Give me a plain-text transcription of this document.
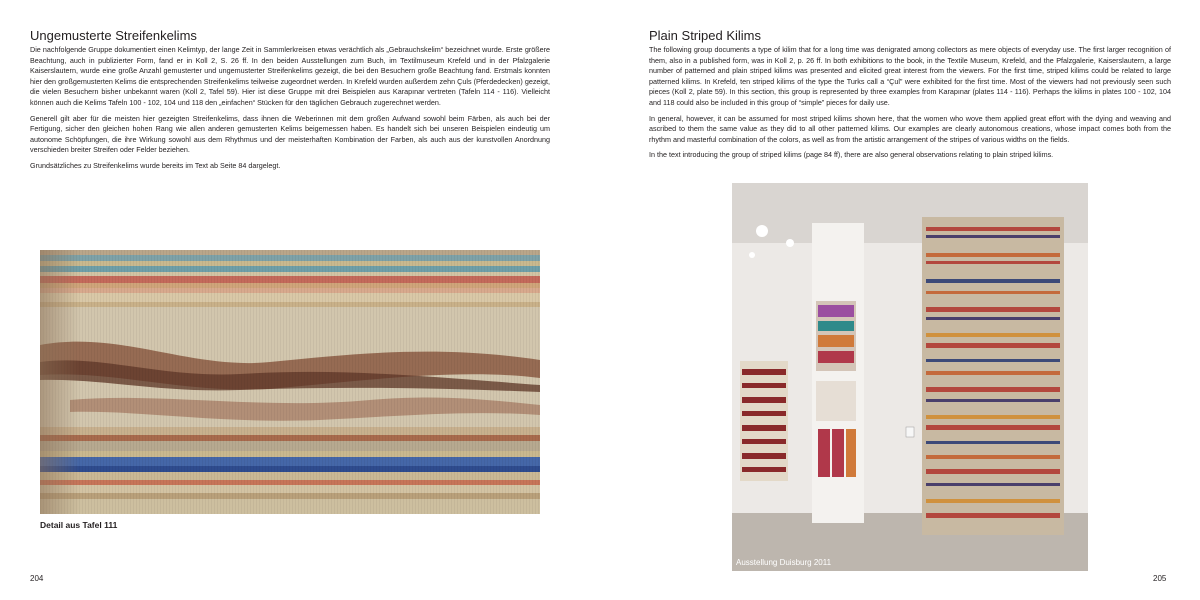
Ungemusterte Streifenkelims

Die nachfolgende Gruppe dokumentiert einen Kelimtyp, der lange Zeit in Sammlerkreisen etwas verächtlich als „Gebrauchskelim“ bezeichnet wurde. Erste größere Beachtung, auch in publizierter Form, fand er in Koll 2, S. 26 ff. In den beiden Ausstellungen zum Buch, im Textilmuseum Krefeld und in der Pfalzgalerie Kaiserslautern, wurde eine große Anzahl gemusterter und ungemusterter Streifenkelims gezeigt, die bei den Besuchern große Beachtung fand. Erstmals konnten hier den großgemusterten Kelims die entsprechenden Streifenkelims teilweise zugeordnet werden. In Krefeld wurden außerdem zehn Çuls (Pferdedecken) gezeigt, die vielen Besuchern bisher unbekannt waren (Koll 2, Tafel 59). Hier ist diese Gruppe mit drei Beispielen aus Karapınar vertreten (Tafeln 114 - 116). Vielleicht können auch die Kelims Tafeln 100 - 102, 104 und 118 den „einfachen“ Stücken für den täglichen Gebrauch zugerechnet werden.

Generell gilt aber für die meisten hier gezeigten Streifenkelims, dass ihnen die Weberinnen mit dem großen Aufwand sowohl beim Färben, als auch bei der Fertigung, sicher den gleichen hohen Rang wie allen anderen gemusterten Kelims beigemessen haben. Es handelt sich bei unseren Beispielen eindeutig um autonome Schöpfungen, die ihre Wirkung sowohl aus dem Rhythmus und der meisterhaften Kombination der Farben, als auch aus der kunstvollen Anordnung verschieden breiter Streifen oder Felder beziehen.

Grundsätzliches zu Streifenkelims wurde bereits im Text ab Seite 84 dargelegt.

Detail aus Tafel 111
204
Plain Striped Kilims

The following group documents a type of kilim that for a long time was denigrated among collectors as mere objects of everyday use. The first larger recognition of them, also in a published form, was in Koll 2, p. 26 ff. In both exhibitions to the book, in the Textile Museum, Krefeld, and the Pfalzgalerie, Kaiserslautern, a large number of patterned and plain striped kilims was presented and elicited great interest from the viewers. For the first time, striped kilims could be related to large patterned kilims. In Krefeld, ten striped kilims of the type the Turks call a “Çul” were exhibited for the first time. Most of the viewers had not previously seen such pieces (Koll 2, plate 59). In this section, this group is represented by three examples from Karapınar (plates 114 - 116). Perhaps the kilims in plates 100 - 102, 104 and 118 could also be included in this group of “simple” pieces for daily use.

In general, however, it can be assumed for most striped kilims shown here, that the women who wove them applied great effort with the dying and weaving and ascribed to them the same value as they did to all other patterned kilims. Our examples are clearly autonomous creations, whose impact comes both from the rhythm and masterful combination of the colors, as well as from the artistic arrangement of the stripes of various widths on the fields.

In the text introducing the group of striped kilims (page 84 ff), there are also general observations relating to plain striped kilims.

Ausstellung Duisburg 2011
205
